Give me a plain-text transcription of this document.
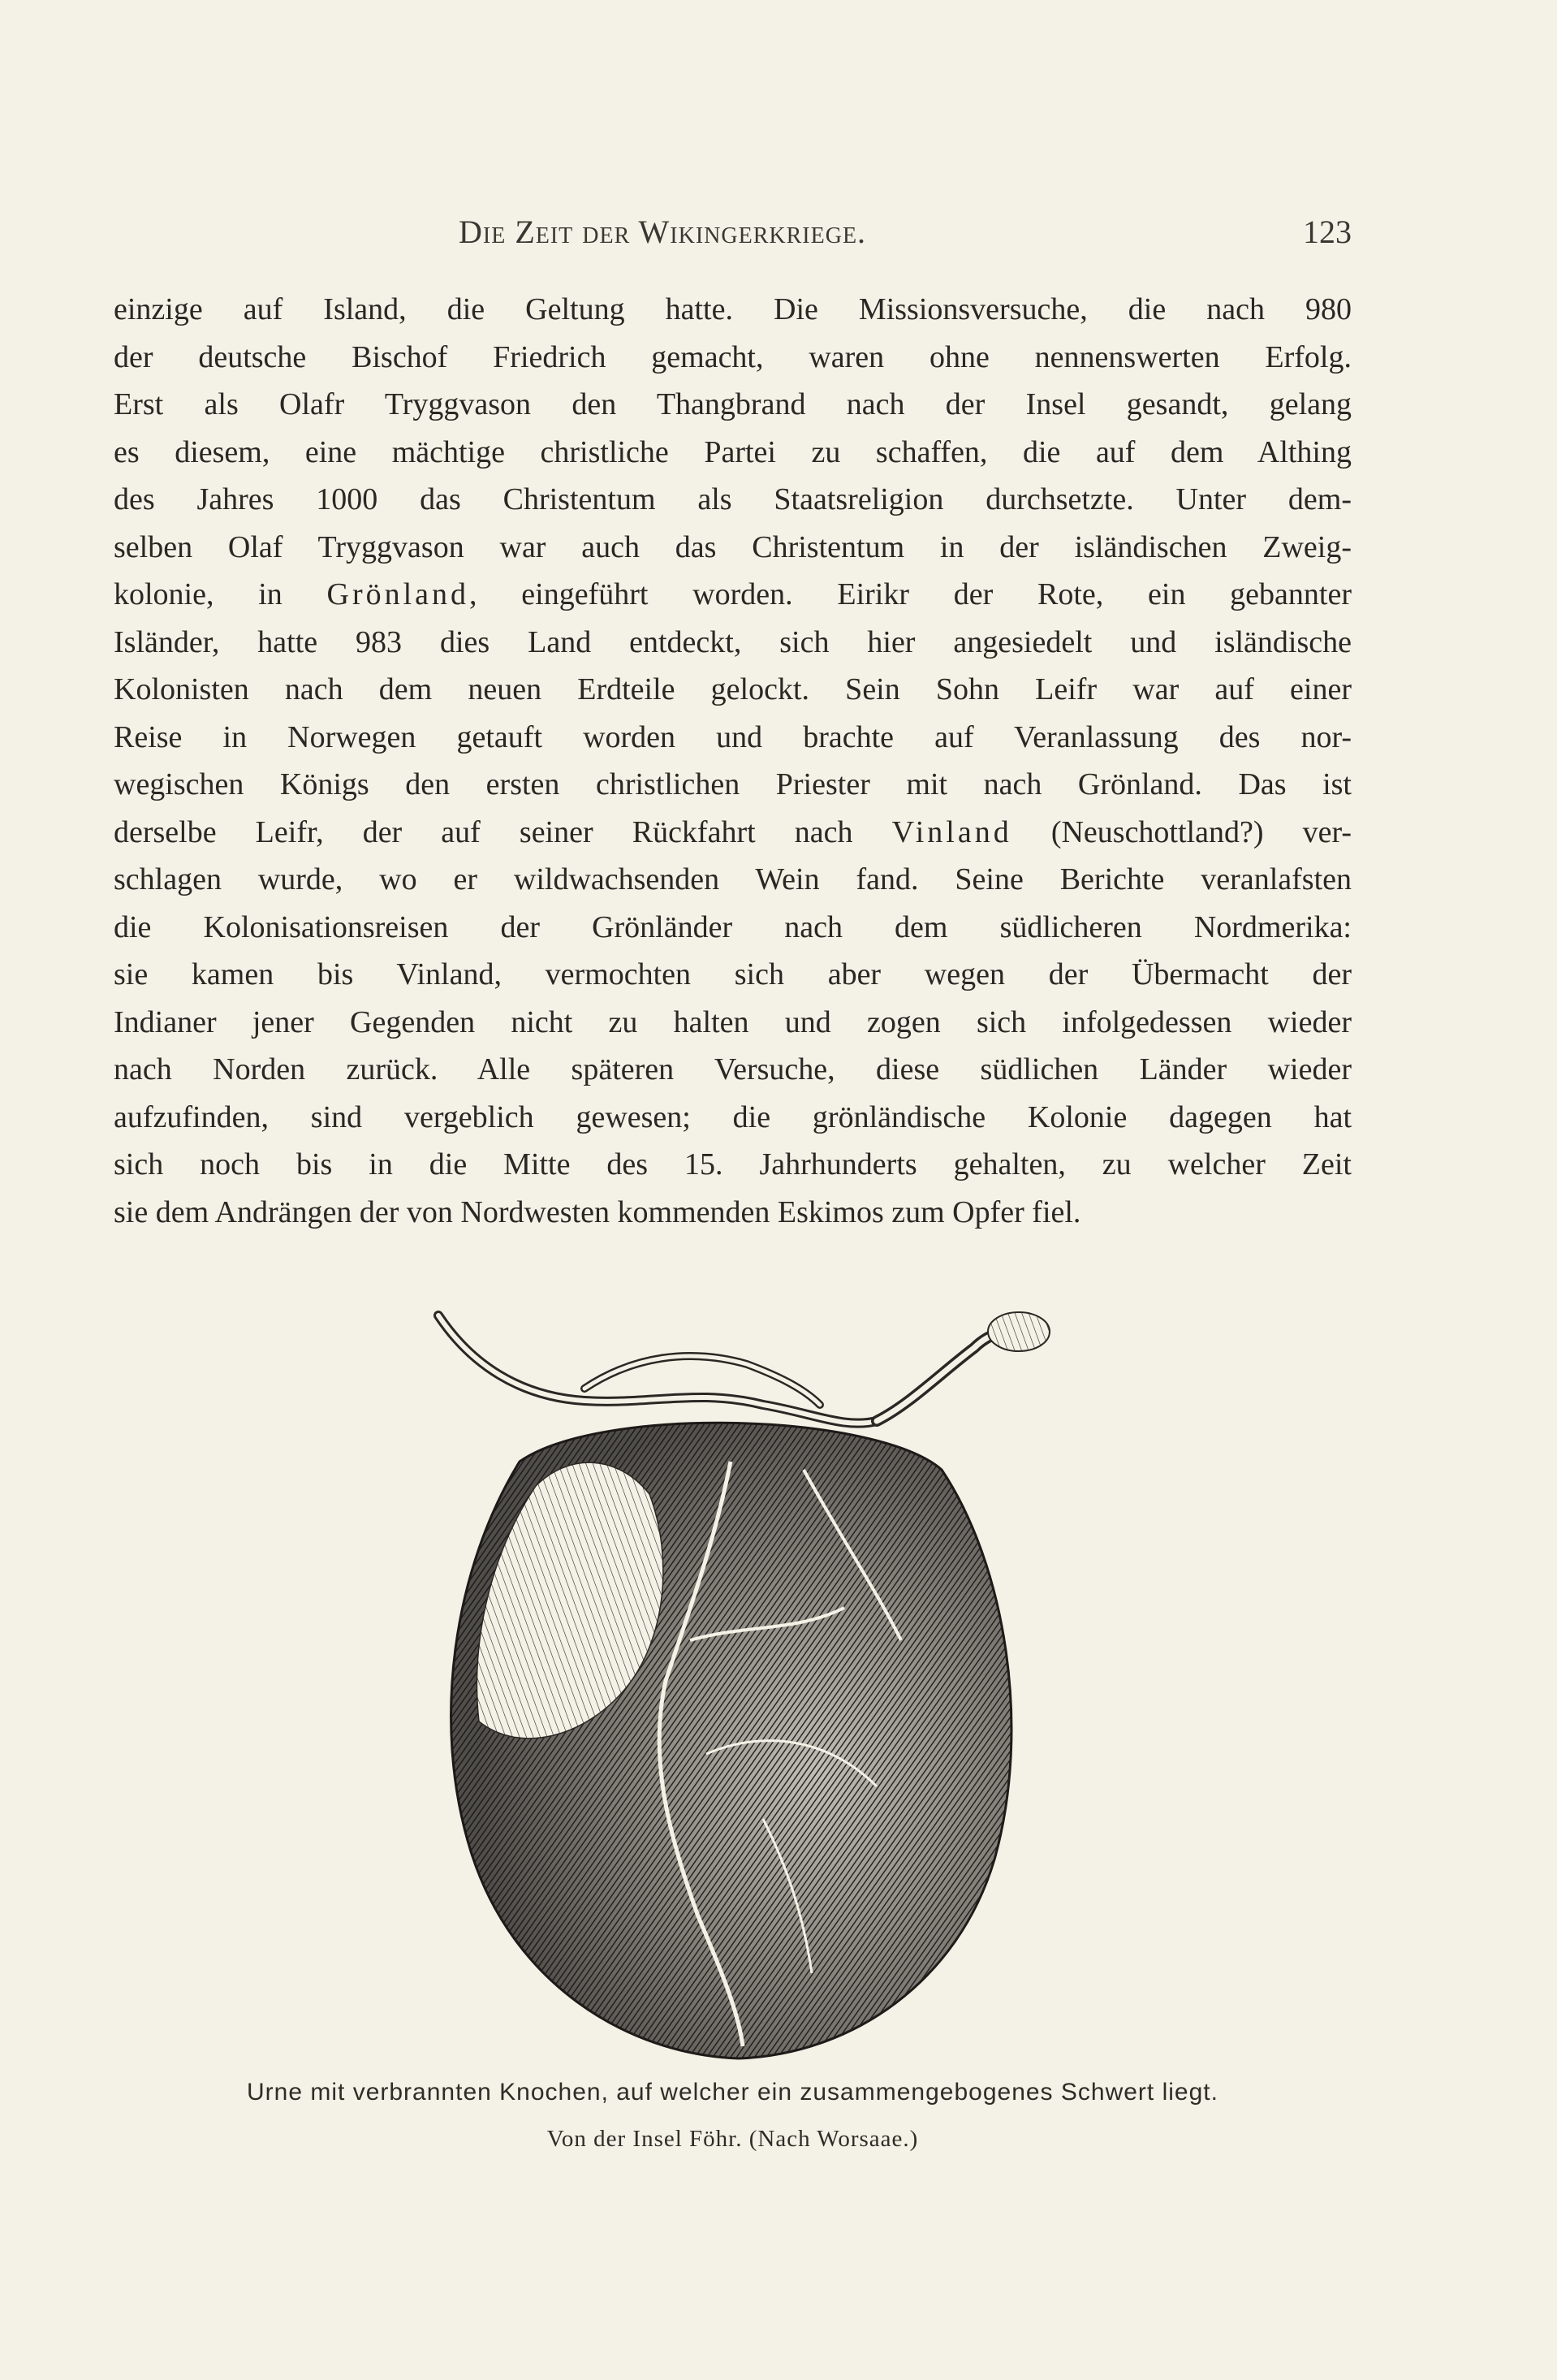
Die Zeit der Wikingerkriege.	123
einzige auf Island, die Geltung hatte. Die Missionsversuche, die nach 980
der deutsche Bischof Friedrich gemacht, waren ohne nennenswerten Erfolg.
Erst als Olafr Tryggvason den Thangbrand nach der Insel gesandt, gelang
es diesem, eine mächtige christliche Partei zu schaffen, die auf dem Althing
des Jahres 1000 das Christentum als Staatsreligion durchsetzte. Unter dem-
selben Olaf Tryggvason war auch das Christentum in der isländischen Zweig-
kolonie, in Grönland, eingeführt worden. Eirikr der Rote, ein gebannter
Isländer, hatte 983 dies Land entdeckt, sich hier angesiedelt und isländische
Kolonisten nach dem neuen Erdteile gelockt. Sein Sohn Leifr war auf einer
Reise in Norwegen getauft worden und brachte auf Veranlassung des nor-
wegischen Königs den ersten christlichen Priester mit nach Grönland. Das ist
derselbe Leifr, der auf seiner Rückfahrt nach Vinland (Neuschottland?) ver-
schlagen wurde, wo er wildwachsenden Wein fand. Seine Berichte veranlafsten
die Kolonisationsreisen der Grönländer nach dem südlicheren Nordmerika:
sie kamen bis Vinland, vermochten sich aber wegen der Übermacht der
Indianer jener Gegenden nicht zu halten und zogen sich infolgedessen wieder
nach Norden zurück. Alle späteren Versuche, diese südlichen Länder wieder
aufzufinden, sind vergeblich gewesen; die grönländische Kolonie dagegen hat
sich noch bis in die Mitte des 15. Jahrhunderts gehalten, zu welcher Zeit
sie dem Andrängen der von Nordwesten kommenden Eskimos zum Opfer fiel.
Urne mit verbrannten Knochen, auf welcher ein zusammengebogenes Schwert liegt.
Von der Insel Föhr. (Nach Worsaae.)
